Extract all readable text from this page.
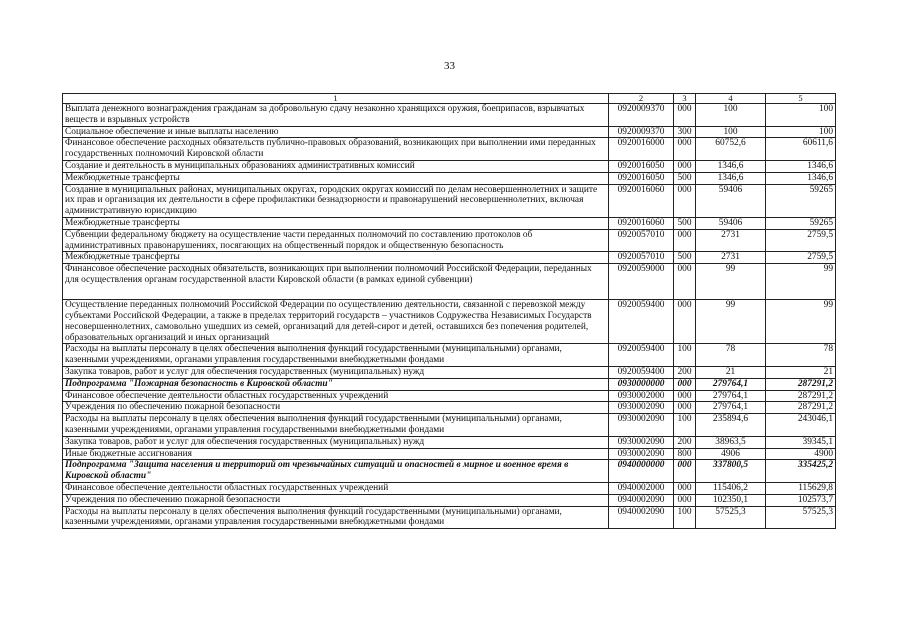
33
1	2	3	4	5
Выплата денежного вознаграждения гражданам за добровольную сдачу незаконно хранящихся оружия, боеприпасов, взрывчатых веществ и взрывных устройств	0920009370	000	100	100
Социальное обеспечение и иные выплаты населению	0920009370	300	100	100
Финансовое обеспечение расходных обязательств публично-правовых образований, возникающих при выполнении ими переданных государственных полномочий Кировской области	0920016000	000	60752,6	60611,6
Создание и деятельность в муниципальных образованиях административных комиссий	0920016050	000	1346,6	1346,6
Межбюджетные трансферты	0920016050	500	1346,6	1346,6
Создание в муниципальных районах, муниципальных округах, городских округах комиссий по делам несовершеннолетних и защите их прав и организация их деятельности в сфере профилактики безнадзорности и правонарушений несовершеннолетних, включая административную юрисдикцию	0920016060	000	59406	59265
Межбюджетные трансферты	0920016060	500	59406	59265
Субвенции федеральному бюджету на осуществление части переданных полномочий по составлению протоколов об административных правонарушениях, посягающих на общественный порядок и общественную безопасность	0920057010	000	2731	2759,5
Межбюджетные трансферты	0920057010	500	2731	2759,5
Финансовое обеспечение расходных обязательств, возникающих при выполнении полномочий Российской Федерации, переданных для осуществления органам государственной власти Кировской области (в рамках единой субвенции)	0920059000	000	99	99
Осуществление переданных полномочий Российской Федерации по осуществлению деятельности, связанной с перевозкой между субъектами Российской Федерации, а также в пределах территорий государств – участников Содружества Независимых Государств несовершеннолетних, самовольно ушедших из семей, организаций для детей-сирот и детей, оставшихся без попечения родителей, образовательных организаций и иных организаций	0920059400	000	99	99
Расходы на выплаты персоналу в целях обеспечения выполнения функций государственными (муниципальными) органами, казенными учреждениями, органами управления государственными внебюджетными фондами	0920059400	100	78	78
Закупка товаров, работ и услуг для обеспечения государственных (муниципальных) нужд	0920059400	200	21	21
Подпрограмма "Пожарная безопасность в Кировской области"	0930000000	000	279764,1	287291,2
Финансовое обеспечение деятельности областных государственных учреждений	0930002000	000	279764,1	287291,2
Учреждения по обеспечению пожарной безопасности	0930002090	000	279764,1	287291,2
Расходы на выплаты персоналу в целях обеспечения выполнения функций государственными (муниципальными) органами, казенными учреждениями, органами управления государственными внебюджетными фондами	0930002090	100	235894,6	243046,1
Закупка товаров, работ и услуг для обеспечения государственных (муниципальных) нужд	0930002090	200	38963,5	39345,1
Иные бюджетные ассигнования	0930002090	800	4906	4900
Подпрограмма "Защита населения и территорий от чрезвычайных ситуаций и опасностей в мирное и военное время в Кировской области"	0940000000	000	337800,5	335425,2
Финансовое обеспечение деятельности областных государственных учреждений	0940002000	000	115406,2	115629,8
Учреждения по обеспечению пожарной безопасности	0940002090	000	102350,1	102573,7
Расходы на выплаты персоналу в целях обеспечения выполнения функций государственными (муниципальными) органами, казенными учреждениями, органами управления государственными внебюджетными фондами	0940002090	100	57525,3	57525,3
